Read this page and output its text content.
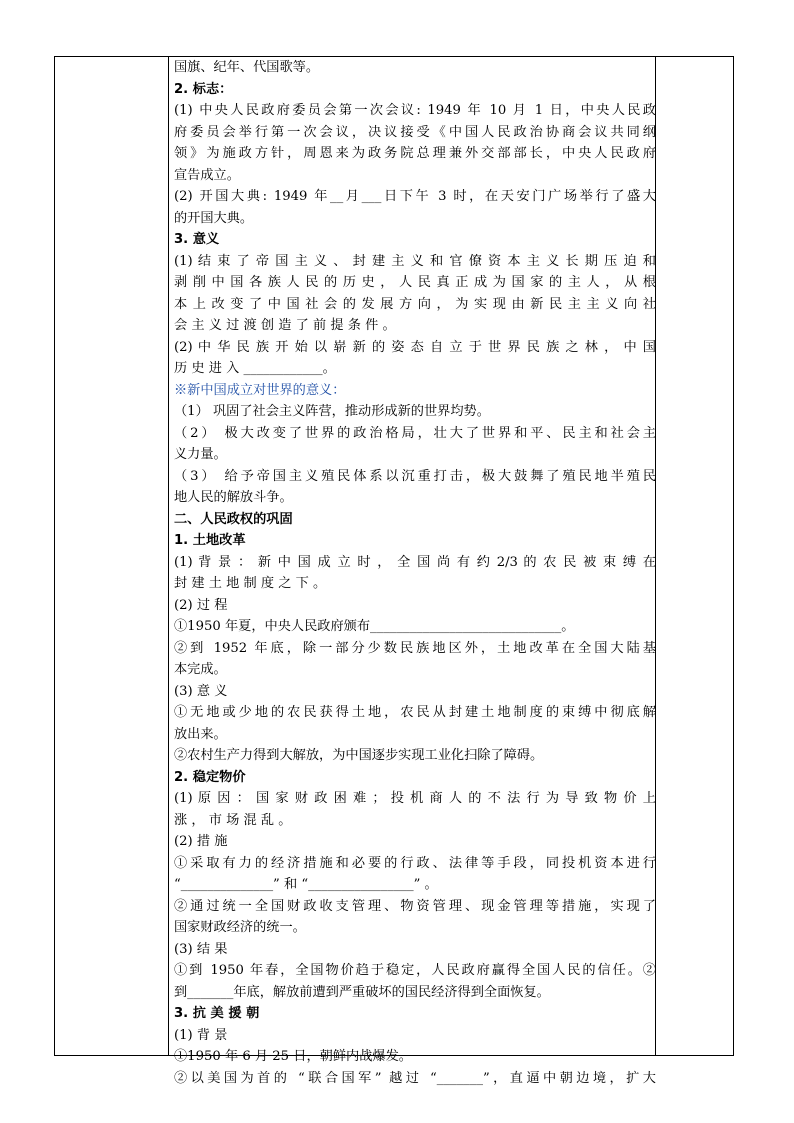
国旗、纪年、代国歌等。
2. 标志：
(1) 中央人民政府委员会第一次会议: 1949 年 10 月 1 日，中央人民政
府委员会举行第一次会议，决议接受《中国人民政治协商会议共同纲
领》为施政方针，周恩来为政务院总理兼外交部部长，中央人民政府
宣告成立。
(2) 开国大典: 1949 年__月___日下午 3 时，在天安门广场举行了盛大
的开国大典。
3. 意义
(1) 结 束 了 帝 国 主 义 、 封 建 主 义 和 官 僚 资 本 主 义 长 期 压 迫 和
剥 削 中 国 各 族 人 民 的 历 史 ， 人 民 真 正 成 为 国 家 的 主 人 ， 从 根
本 上 改 变 了 中 国 社 会 的 发 展 方 向 ， 为 实 现 由 新 民 主 主 义 向 社
会 主 义 过 渡 创 造 了 前 提 条 件 。
(2) 中 华 民 族 开 始 以 崭 新 的 姿 态 自 立 于 世 界 民 族 之 林 ， 中 国
历 史 进 入 ____________。
※新中国成立对世界的意义：
（1） 巩固了社会主义阵营，推动形成新的世界均势。
（2） 极大改变了世界的政治格局，壮大了世界和平、民主和社会主
义力量。
（3） 给予帝国主义殖民体系以沉重打击，极大鼓舞了殖民地半殖民
地人民的解放斗争。
二、人民政权的巩固
1. 土地改革
(1) 背 景 ： 新 中 国 成 立 时 ， 全 国 尚 有 约 2/3 的 农 民 被 束 缚 在
封 建 土 地 制 度 之 下 。
(2) 过 程
①1950 年夏，中央人民政府颁布_____________________________。
②到 1952 年底，除一部分少数民族地区外，土地改革在全国大陆基
本完成。
(3) 意 义
①无地或少地的农民获得土地，农民从封建土地制度的束缚中彻底解
放出来。
②农村生产力得到大解放，为中国逐步实现工业化扫除了障碍。
2. 稳定物价
(1) 原 因 ： 国 家 财 政 困 难 ； 投 机 商 人 的 不 法 行 为 导 致 物 价 上
涨 ， 市 场 混 乱 。
(2) 措 施
①采取有力的经济措施和必要的行政、法律等手段，同投机资本进行
“______________” 和 “________________” 。
②通过统一全国财政收支管理、物资管理、现金管理等措施，实现了
国家财政经济的统一。
(3) 结 果
①到 1950 年春，全国物价趋于稳定，人民政府赢得全国人民的信任。②
到_______年底，解放前遭到严重破坏的国民经济得到全面恢复。
3. 抗 美 援 朝
(1) 背 景
①1950 年 6 月 25 日，朝鲜内战爆发。
②以美国为首的 “联合国军” 越过 “_______”，直逼中朝边境，扩大
